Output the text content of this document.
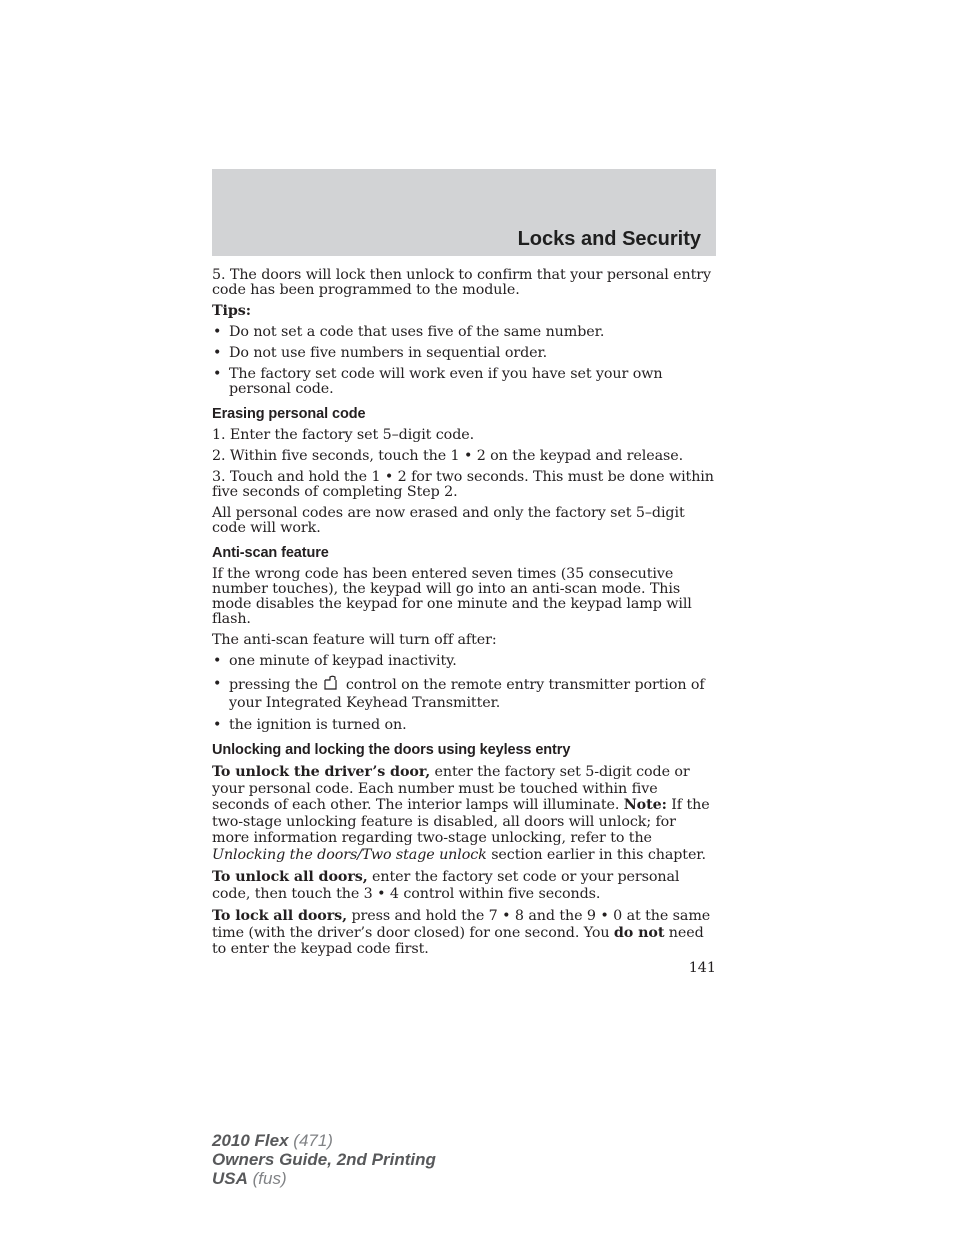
Locks and Security

5. The doors will lock then unlock to confirm that your personal entry code has been programmed to the module.

Tips:

• Do not set a code that uses five of the same number.
• Do not use five numbers in sequential order.
• The factory set code will work even if you have set your own personal code.
Erasing personal code

1. Enter the factory set 5–digit code.

2. Within five seconds, touch the 1 • 2 on the keypad and release.

3. Touch and hold the 1 • 2 for two seconds. This must be done within five seconds of completing Step 2.

All personal codes are now erased and only the factory set 5–digit code will work.

Anti-scan feature

If the wrong code has been entered seven times (35 consecutive number touches), the keypad will go into an anti-scan mode. This mode disables the keypad for one minute and the keypad lamp will flash.

The anti-scan feature will turn off after:

• one minute of keypad inactivity.
• pressing the control on the remote entry transmitter portion of your Integrated Keyhead Transmitter.
• the ignition is turned on.
Unlocking and locking the doors using keyless entry

To unlock the driver’s door, enter the factory set 5-digit code or your personal code. Each number must be touched within five seconds of each other. The interior lamps will illuminate. Note: If the two-stage unlocking feature is disabled, all doors will unlock; for more information regarding two-stage unlocking, refer to the Unlocking the doors/Two stage unlock section earlier in this chapter.

To unlock all doors, enter the factory set code or your personal code, then touch the 3 • 4 control within five seconds.

To lock all doors, press and hold the 7 • 8 and the 9 • 0 at the same time (with the driver’s door closed) for one second. You do not need to enter the keypad code first.

141
2010 Flex (471)
Owners Guide, 2nd Printing
USA (fus)
